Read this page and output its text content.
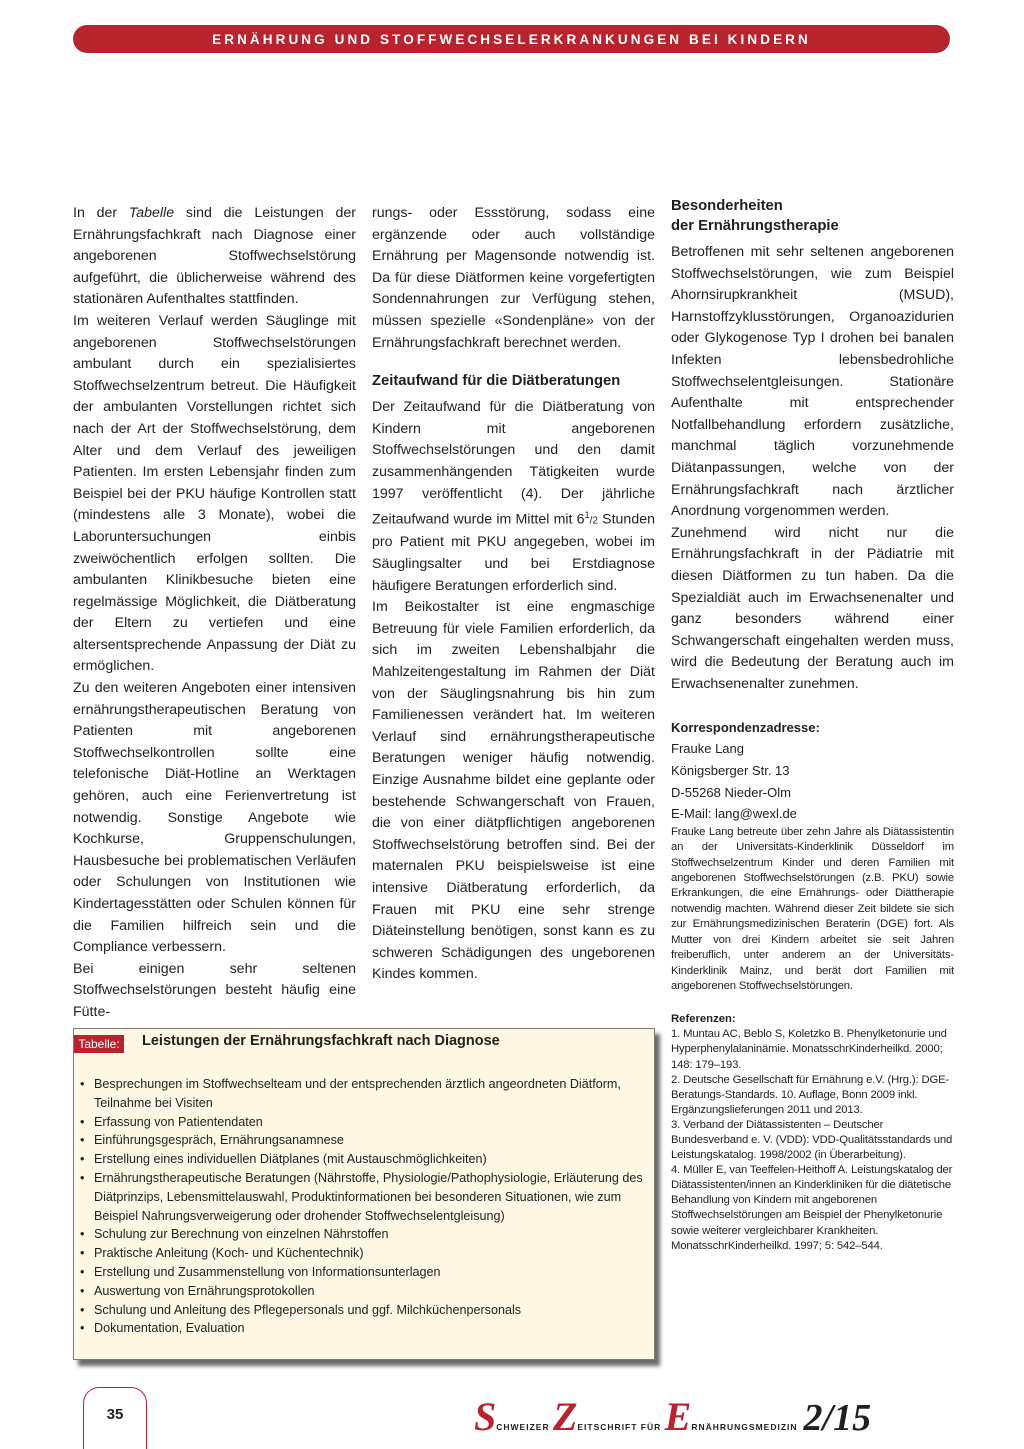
ERNÄHRUNG UND STOFFWECHSELERKRANKUNGEN BEI KINDERN

In der Tabelle sind die Leistungen der Ernährungsfachkraft nach Diagnose einer angeborenen Stoffwechselstörung aufgeführt, die üblicherweise während des stationären Aufenthaltes stattfinden.

Im weiteren Verlauf werden Säuglinge mit angeborenen Stoffwechselstörungen ambulant durch ein spezialisiertes Stoffwechselzentrum betreut. Die Häufigkeit der ambulanten Vorstellungen richtet sich nach der Art der Stoffwechselstörung, dem Alter und dem Verlauf des jeweiligen Patienten. Im ersten Lebensjahr finden zum Beispiel bei der PKU häufige Kontrollen statt (mindestens alle 3 Monate), wobei die Laboruntersuchungen einbis zweiwöchentlich erfolgen sollten. Die ambulanten Klinikbesuche bieten eine regelmässige Möglichkeit, die Diätberatung der Eltern zu vertiefen und eine altersentsprechende Anpassung der Diät zu ermöglichen.

Zu den weiteren Angeboten einer intensiven ernährungstherapeutischen Beratung von Patienten mit angeborenen Stoffwechselkontrollen sollte eine telefonische Diät-Hotline an Werktagen gehören, auch eine Ferienvertretung ist notwendig. Sonstige Angebote wie Kochkurse, Gruppenschulungen, Hausbesuche bei problematischen Verläufen oder Schulungen von Institutionen wie Kindertagesstätten oder Schulen können für die Familien hilfreich sein und die Compliance verbessern.

Bei einigen sehr seltenen Stoffwechselstörungen besteht häufig eine Fütte-

rungs- oder Essstörung, sodass eine ergänzende oder auch vollständige Ernährung per Magensonde notwendig ist. Da für diese Diätformen keine vorgefertigten Sondennahrungen zur Verfügung stehen, müssen spezielle «Sondenpläne» von der Ernährungsfachkraft berechnet werden.

Zeitaufwand für die Diätberatungen

Der Zeitaufwand für die Diätberatung von Kindern mit angeborenen Stoffwechselstörungen und den damit zusammenhängenden Tätigkeiten wurde 1997 veröffentlicht (4). Der jährliche Zeitaufwand wurde im Mittel mit $6^1/2$ Stunden pro Patient mit PKU angegeben, wobei im Säuglingsalter und bei Erstdiagnose häufigere Beratungen erforderlich sind.

Im Beikostalter ist eine engmaschige Betreuung für viele Familien erforderlich, da sich im zweiten Lebenshalbjahr die Mahlzeitengestaltung im Rahmen der Diät von der Säuglingsnahrung bis hin zum Familienessen verändert hat. Im weiteren Verlauf sind ernährungstherapeutische Beratungen weniger häufig notwendig. Einzige Ausnahme bildet eine geplante oder bestehende Schwangerschaft von Frauen, die von einer diätpflichtigen angeborenen Stoffwechselstörung betroffen sind. Bei der maternalen PKU beispielsweise ist eine intensive Diätberatung erforderlich, da Frauen mit PKU eine sehr strenge Diäteinstellung benötigen, sonst kann es zu schweren Schädigungen des ungeborenen Kindes kommen.

Besonderheiten
der Ernährungstherapie

Betroffenen mit sehr seltenen angeborenen Stoffwechselstörungen, wie zum Beispiel Ahornsirupkrankheit (MSUD), Harnstoffzyklusstörungen, Organoazidurien oder Glykogenose Typ I drohen bei banalen Infekten lebensbedrohliche Stoffwechselentgleisungen. Stationäre Aufenthalte mit entsprechender Notfallbehandlung erfordern zusätzliche, manchmal täglich vorzunehmende Diätanpassungen, welche von der Ernährungsfachkraft nach ärztlicher Anordnung vorgenommen werden.

Zunehmend wird nicht nur die Ernährungsfachkraft in der Pädiatrie mit diesen Diätformen zu tun haben. Da die Spezialdiät auch im Erwachsenenalter und ganz besonders während einer Schwangerschaft eingehalten werden muss, wird die Bedeutung der Beratung auch im Erwachsenenalter zunehmen.

Korrespondenzadresse:
Frauke Lang
Königsberger Str. 13
D-55268 Nieder-Olm
E-Mail: lang@wexl.de

Frauke Lang betreute über zehn Jahre als Diätassistentin an der Universitäts-Kinderklinik Düsseldorf im Stoffwechselzentrum Kinder und deren Familien mit angeborenen Stoffwechselstörungen (z.B. PKU) sowie Erkrankungen, die eine Ernährungs- oder Diättherapie notwendig machten. Während dieser Zeit bildete sie sich zur Ernährungsmedizinischen Beraterin (DGE) fort. Als Mutter von drei Kindern arbeitet sie seit Jahren freiberuflich, unter anderem an der Universitäts-Kinderklinik Mainz, und berät dort Familien mit angeborenen Stoffwechselstörungen.

Referenzen:
1. Muntau AC, Beblo S, Koletzko B. Phenylketonurie und Hyperphenylalaninämie. MonatsschrKinderheilkd. 2000; 148: 179–193.
2. Deutsche Gesellschaft für Ernährung e.V. (Hrg.): DGE-Beratungs-Standards. 10. Auflage, Bonn 2009 inkl. Ergänzungslieferungen 2011 und 2013.
3. Verband der Diätassistenten – Deutscher Bundesverband e. V. (VDD): VDD-Qualitätsstandards und Leistungskatalog. 1998/2002 (in Überarbeitung).
4. Müller E, van Teeffelen-Heithoff A. Leistungskatalog der Diätassistenten/innen an Kinderkliniken für die diätetische Behandlung von Kindern mit angeborenen Stoffwechselstörungen am Beispiel der Phenylketonurie sowie weiterer vergleichbarer Krankheiten. MonatsschrKinderheilkd. 1997; 5: 542–544.
Tabelle: Leistungen der Ernährungsfachkraft nach Diagnose
• Besprechungen im Stoffwechselteam und der entsprechenden ärztlich angeordneten Diätform, Teilnahme bei Visiten
• Erfassung von Patientendaten
• Einführungsgespräch, Ernährungsanamnese
• Erstellung eines individuellen Diätplanes (mit Austauschmöglichkeiten)
• Ernährungstherapeutische Beratungen (Nährstoffe, Physiologie/Pathophysiologie, Erläuterung des Diätprinzips, Lebensmittelauswahl, Produktinformationen bei besonderen Situationen, wie zum Beispiel Nahrungsverweigerung oder drohender Stoffwechselentgleisung)
• Schulung zur Berechnung von einzelnen Nährstoffen
• Praktische Anleitung (Koch- und Küchentechnik)
• Erstellung und Zusammenstellung von Informationsunterlagen
• Auswertung von Ernährungsprotokollen
• Schulung und Anleitung des Pflegepersonals und ggf. Milchküchenpersonals
• Dokumentation, Evaluation
35	SCHWEIZER ZEITSCHRIFT FÜR ERNÄHRUNGSMEDIZIN 2/15
